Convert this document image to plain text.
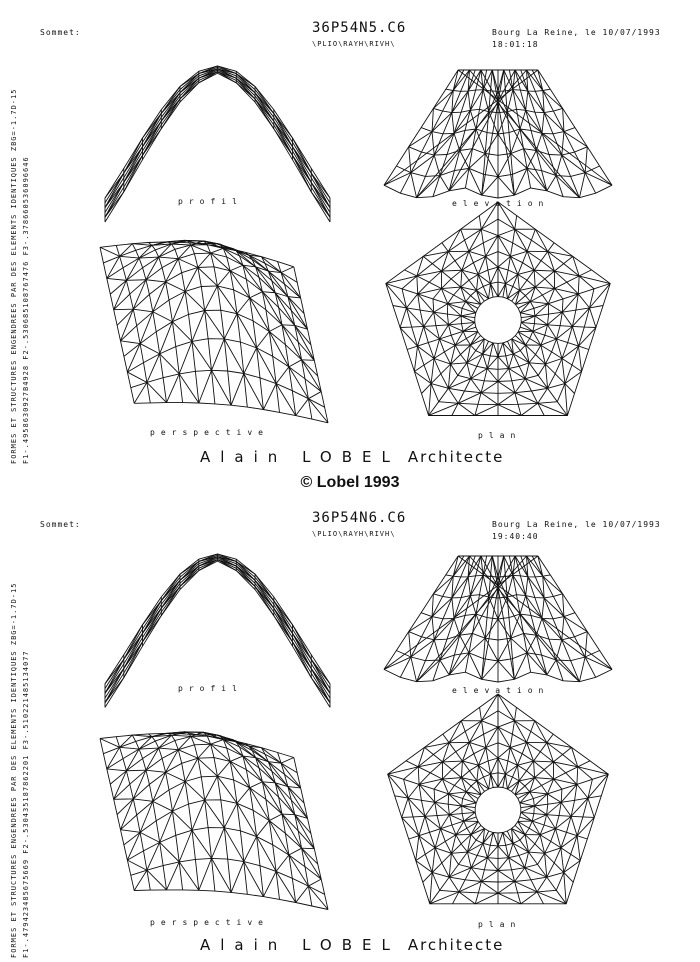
Sommet:	36P54N5.C6
\PLIO\RAYH\RIVH\
Bourg La Reine, le 10/07/1993
18:01:18
FORMES ET STRUCTURES ENGENDREES PAR DES ELEMENTS IDENTIQUES ZBG=-1.7D-15 F1-.4958630927B4928 F2-.530685108767476 F3-.378660536096646	profil	elevation
perspective	plan
Alain LOBEL Architecte
© Lobel 1993
Sommet:	36P54N6.C6
\PLIO\RAYH\RIVH\
Bourg La Reine, le 10/07/1993
19:40:40
FORMES ET STRUCTURES ENGENDREES PAR DES ELEMENTS IDENTIQUES ZBG=-1.7D-15 F1-.479423485675669 F2-.530435187862201 F3-.510221485134077	profil	elevation
perspective	plan
Alain LOBEL Architecte
